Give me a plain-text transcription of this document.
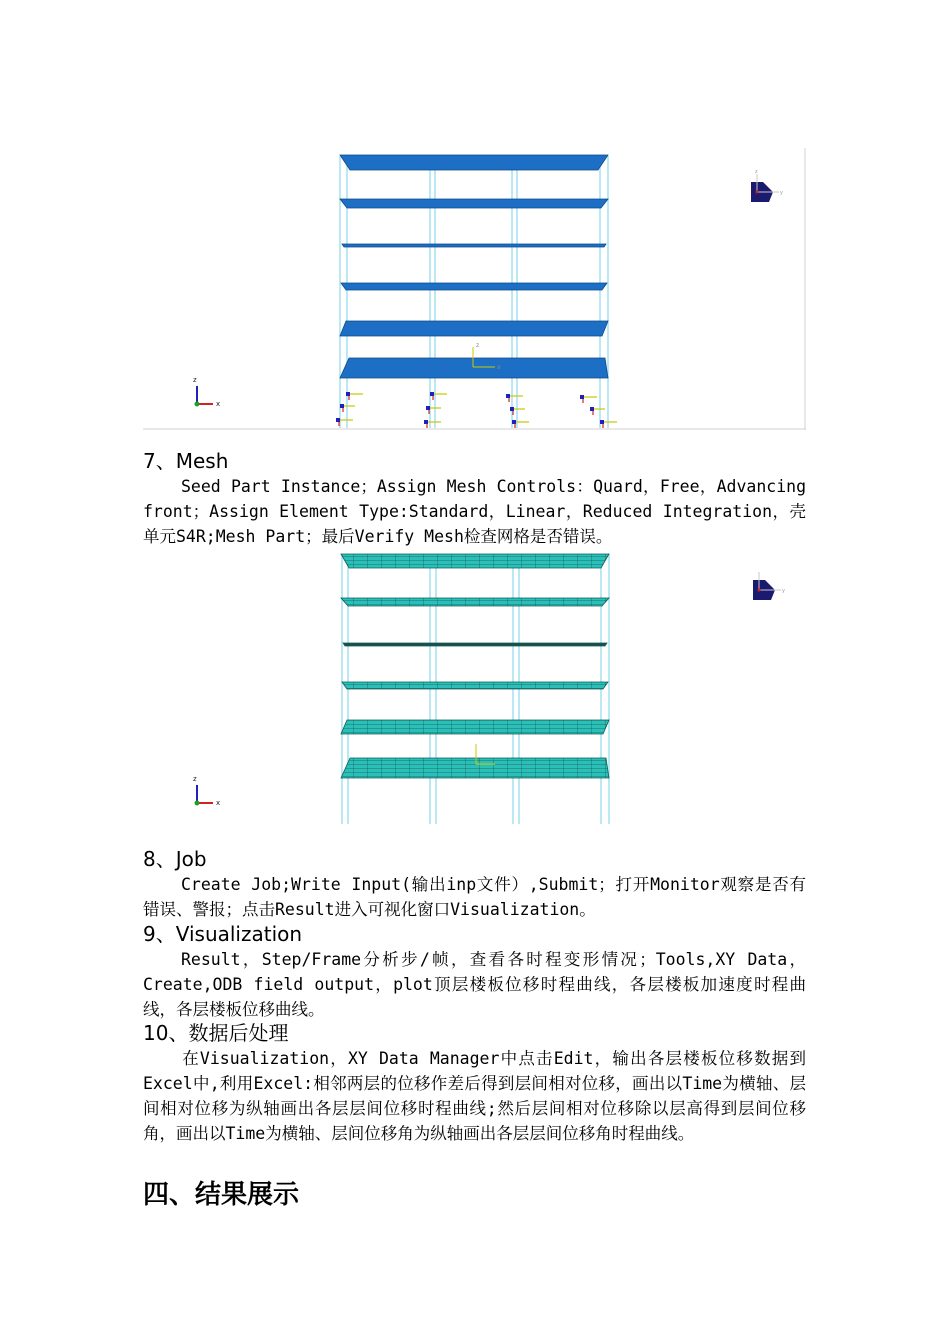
z
x
z
x
y
z
7、Mesh
Seed Part Instance；Assign Mesh Controls：Quard，Free，Advancing front；Assign Element Type:Standard，Linear，Reduced Integration，壳单元S4R;Mesh Part；最后Verify Mesh检查网格是否错误。
z
x
y
8、Job
Create Job;Write Input(输出inp文件）,Submit；打开Monitor观察是否有错误、警报；点击Result进入可视化窗口Visualization。
9、Visualization
Result，Step/Frame分析步/帧，查看各时程变形情况；Tools,XY Data，Create,ODB field output，plot顶层楼板位移时程曲线，各层楼板加速度时程曲线，各层楼板位移曲线。
10、数据后处理
在Visualization，XY Data Manager中点击Edit，输出各层楼板位移数据到Excel中,利用Excel:相邻两层的位移作差后得到层间相对位移，画出以Time为横轴、层间相对位移为纵轴画出各层层间位移时程曲线;然后层间相对位移除以层高得到层间位移角，画出以Time为横轴、层间位移角为纵轴画出各层层间位移角时程曲线。
四、结果展示
